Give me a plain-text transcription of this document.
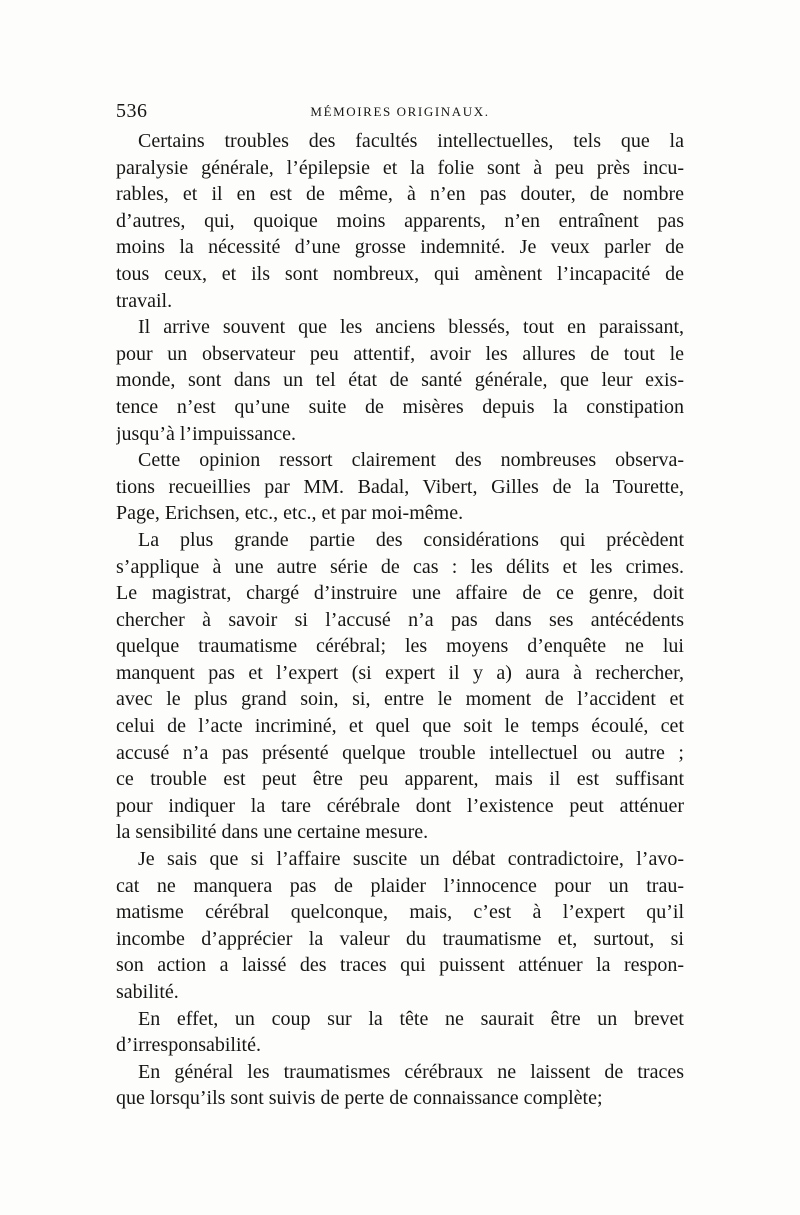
536	MÉMOIRES ORIGINAUX.
Certains troubles des facultés intellectuelles, tels que la
paralysie générale, l’épilepsie et la folie sont à peu près incu-
rables, et il en est de même, à n’en pas douter, de nombre
d’autres, qui, quoique moins apparents, n’en entraînent pas
moins la nécessité d’une grosse indemnité. Je veux parler de
tous ceux, et ils sont nombreux, qui amènent l’incapacité de
travail.
Il arrive souvent que les anciens blessés, tout en paraissant,
pour un observateur peu attentif, avoir les allures de tout le
monde, sont dans un tel état de santé générale, que leur exis-
tence n’est qu’une suite de misères depuis la constipation
jusqu’à l’impuissance.
Cette opinion ressort clairement des nombreuses observa-
tions recueillies par MM. Badal, Vibert, Gilles de la Tourette,
Page, Erichsen, etc., etc., et par moi-même.
La plus grande partie des considérations qui précèdent
s’applique à une autre série de cas : les délits et les crimes.
Le magistrat, chargé d’instruire une affaire de ce genre, doit
chercher à savoir si l’accusé n’a pas dans ses antécédents
quelque traumatisme cérébral; les moyens d’enquête ne lui
manquent pas et l’expert (si expert il y a) aura à rechercher,
avec le plus grand soin, si, entre le moment de l’accident et
celui de l’acte incriminé, et quel que soit le temps écoulé, cet
accusé n’a pas présenté quelque trouble intellectuel ou autre ;
ce trouble est peut être peu apparent, mais il est suffisant
pour indiquer la tare cérébrale dont l’existence peut atténuer
la sensibilité dans une certaine mesure.
Je sais que si l’affaire suscite un débat contradictoire, l’avo-
cat ne manquera pas de plaider l’innocence pour un trau-
matisme cérébral quelconque, mais, c’est à l’expert qu’il
incombe d’apprécier la valeur du traumatisme et, surtout, si
son action a laissé des traces qui puissent atténuer la respon-
sabilité.
En effet, un coup sur la tête ne saurait être un brevet
d’irresponsabilité.
En général les traumatismes cérébraux ne laissent de traces
que lorsqu’ils sont suivis de perte de connaissance complète;
